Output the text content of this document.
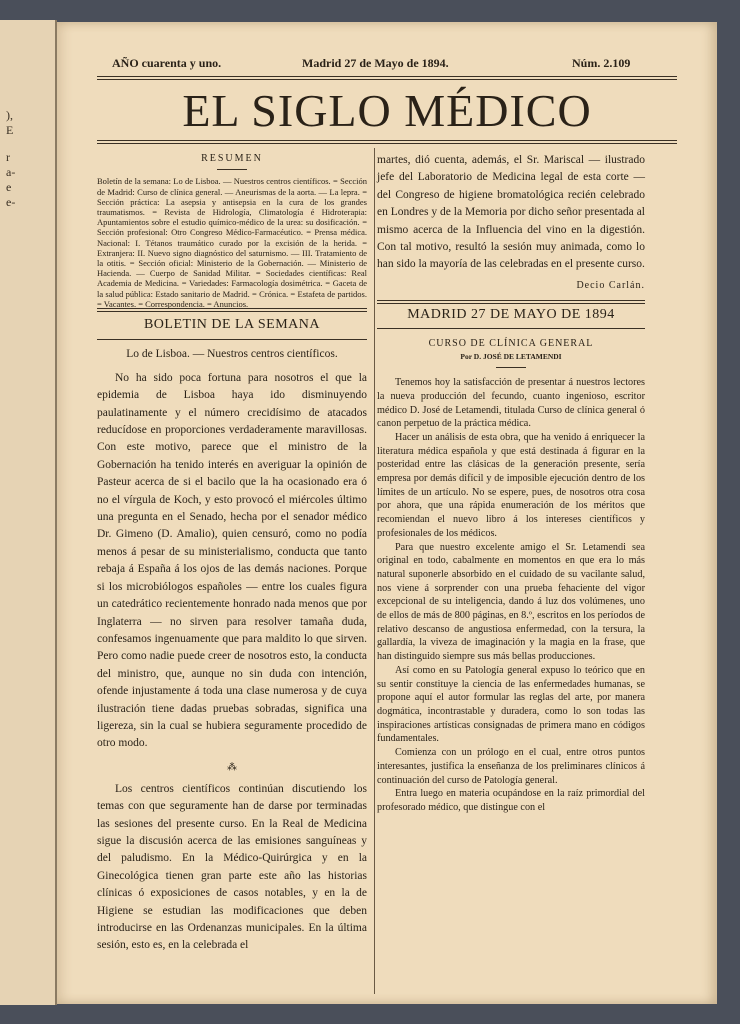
),
E
r
a-
e
e-
AÑO cuarenta y uno.	Madrid 27 de Mayo de 1894.	Núm. 2.109
EL SIGLO MÉDICO
RESUMEN
Boletín de la semana: Lo de Lisboa. — Nuestros centros científicos. = Sección de Madrid: Curso de clínica general. — Aneurismas de la aorta. — La lepra. = Sección práctica: La asepsia y antisepsia en la cura de los grandes traumatismos. = Revista de Hidrología, Climatología é Hidroterapia: Apuntamientos sobre el estudio químico-médico de la urea: su dosificación. = Sección profesional: Otro Congreso Médico-Farmacéutico. = Prensa médica. Nacional: I. Tétanos traumático curado por la excisión de la herida. = Extranjera: II. Nuevo signo diagnóstico del saturnismo. — III. Tratamiento de la otitis. = Sección oficial: Ministerio de la Gobernación. — Ministerio de Hacienda. — Cuerpo de Sanidad Militar. = Sociedades científicas: Real Academia de Medicina. = Variedades: Farmacología dosimétrica. = Gaceta de la salud pública: Estado sanitario de Madrid. = Crónica. = Estafeta de partidos. = Vacantes. = Correspondencia. = Anuncios.
BOLETIN DE LA SEMANA
Lo de Lisboa. — Nuestros centros científicos.

No ha sido poca fortuna para nosotros el que la epidemia de Lisboa haya ido disminuyendo paulatinamente y el número crecidísimo de atacados reducídose en proporciones verdaderamente maravillosas. Con este motivo, parece que el ministro de la Gobernación ha tenido interés en averiguar la opinión de Pasteur acerca de si el bacilo que la ha ocasionado era ó no el vírgula de Koch, y esto provocó el miércoles último una pregunta en el Senado, hecha por el senador médico Dr. Gimeno (D. Amalio), quien censuró, como no podía menos á pesar de su ministerialismo, conducta que tanto rebaja á España á los ojos de las demás naciones. Porque si los microbiólogos españoles — entre los cuales figura un catedrático recientemente honrado nada menos que por Inglaterra — no sirven para resolver tamaña duda, confesamos ingenuamente que para maldito lo que sirven. Pero como nadie puede creer de nosotros esto, la conducta del ministro, que, aunque no sin duda con intención, ofende injustamente á toda una clase numerosa y de cuya ilustración tiene dadas pruebas sobradas, significa una ligereza, sin la cual se hubiera seguramente procedido de otro modo.

⁂

Los centros científicos continúan discutiendo los temas con que seguramente han de darse por terminadas las sesiones del presente curso. En la Real de Medicina sigue la discusión acerca de las emisiones sanguíneas y del paludismo. En la Médico-Quirúrgica y en la Ginecológica tienen gran parte este año las historias clínicas ó exposiciones de casos notables, y en la de Higiene se estudian las modificaciones que deben introducirse en las Ordenanzas municipales. En la última sesión, esto es, en la celebrada el

martes, dió cuenta, además, el Sr. Mariscal — ilustrado jefe del Laboratorio de Medicina legal de esta corte — del Congreso de higiene bromatológica recién celebrado en Londres y de la Memoria por dicho señor presentada al mismo acerca de la Influencia del vino en la digestión. Con tal motivo, resultó la sesión muy animada, como lo han sido la mayoría de las celebradas en el presente curso.
Decio Carlán.
MADRID 27 DE MAYO DE 1894
CURSO DE CLÍNICA GENERAL
Por D. JOSÉ DE LETAMENDI

Tenemos hoy la satisfacción de presentar á nuestros lectores la nueva producción del fecundo, cuanto ingenioso, escritor médico D. José de Letamendi, titulada Curso de clínica general ó canon perpetuo de la práctica médica.

Hacer un análisis de esta obra, que ha venido á enriquecer la literatura médica española y que está destinada á figurar en la posteridad entre las clásicas de la generación presente, sería empresa por demás difícil y de imposible ejecución dentro de los límites de un artículo. No se espere, pues, de nosotros otra cosa por ahora, que una rápida enumeración de los méritos que recomiendan el nuevo libro á los intereses científicos y profesionales de los médicos.

Para que nuestro excelente amigo el Sr. Letamendi sea original en todo, cabalmente en momentos en que era lo más natural suponerle absorbido en el cuidado de su vacilante salud, nos viene á sorprender con una prueba fehaciente del vigor excepcional de su inteligencia, dando á luz dos volúmenes, uno de ellos de más de 800 páginas, en 8.º, escritos en los períodos de relativo descanso de angustiosa enfermedad, con la tersura, la gallardía, la viveza de imaginación y la magia en la frase, que han distinguido siempre sus más bellas producciones.

Así como en su Patología general expuso lo teórico que en su sentir constituye la ciencia de las enfermedades humanas, se propone aquí el autor formular las reglas del arte, por manera dogmática, incontrastable y duradera, como lo son todas las inspiraciones artísticas consignadas de primera mano en códigos fundamentales.

Comienza con un prólogo en el cual, entre otros puntos interesantes, justifica la enseñanza de los preliminares clínicos á continuación del curso de Patología general.

Entra luego en materia ocupándose en la raíz primordial del profesorado médico, que distingue con el
